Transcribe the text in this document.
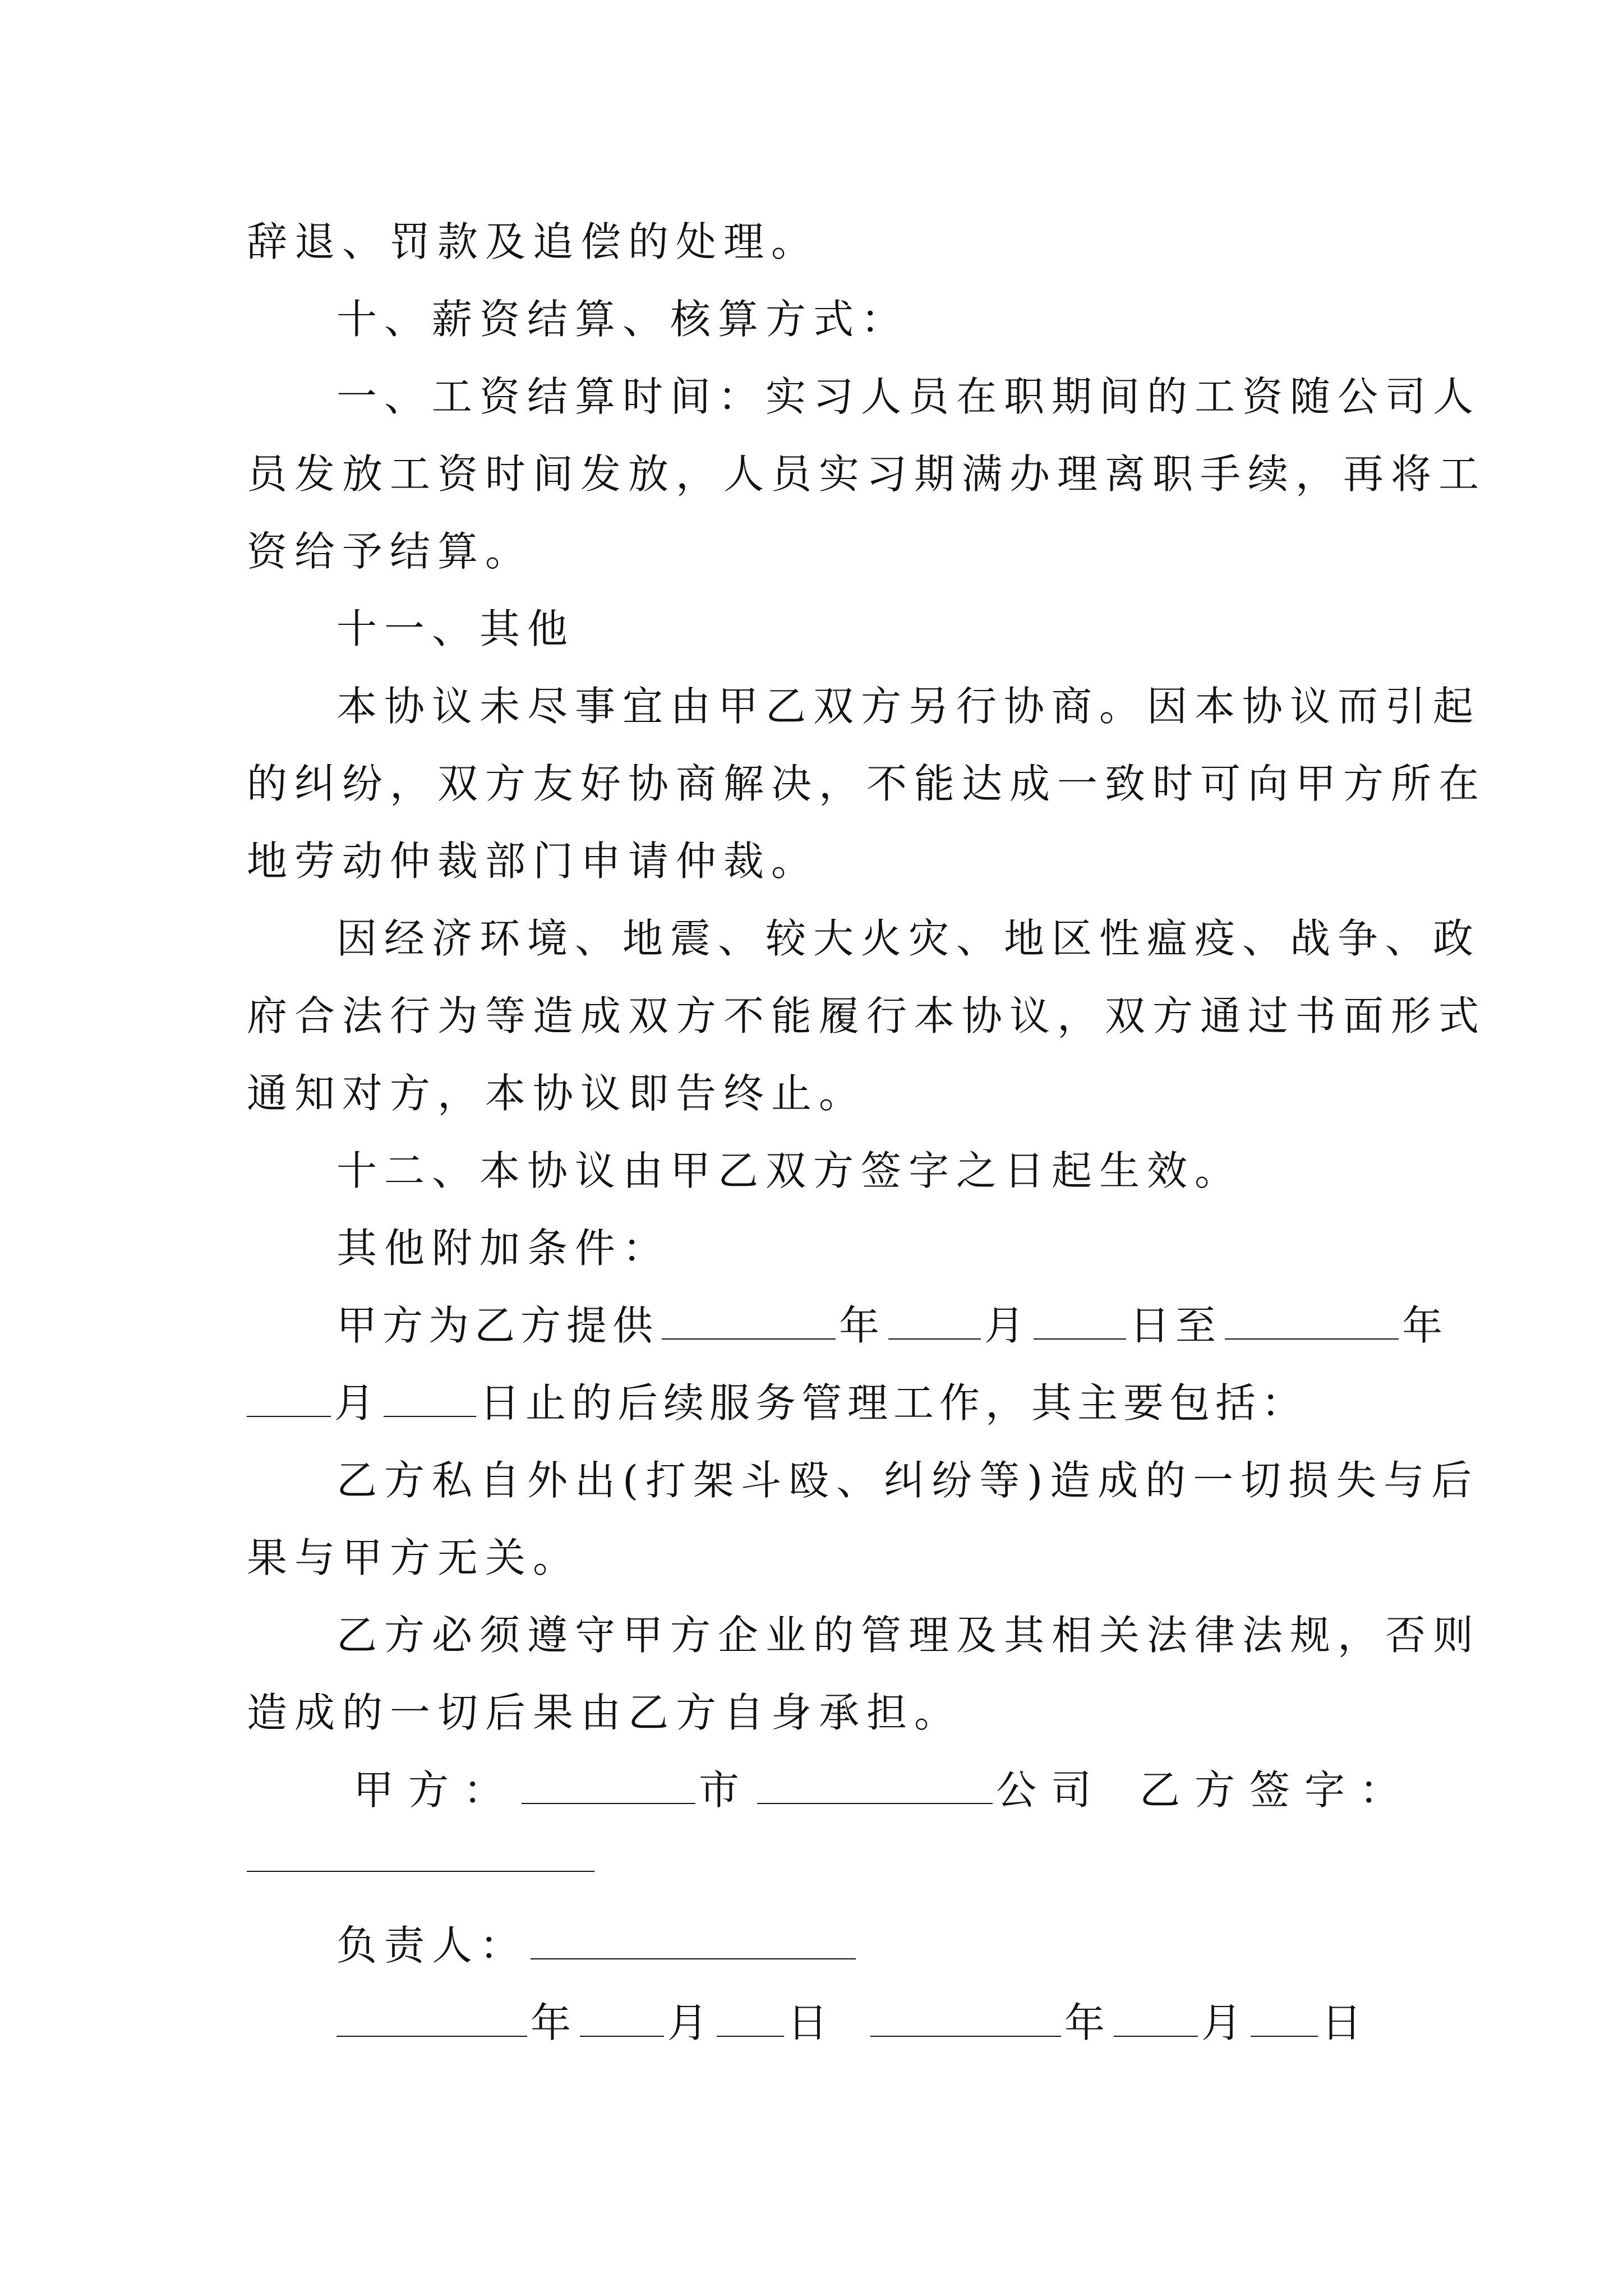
辞退、罚款及追偿的处理。
十、薪资结算、核算方式：
一、工资结算时间：实习人员在职期间的工资随公司人
员发放工资时间发放，人员实习期满办理离职手续，再将工
资给予结算。
十一、其他
本协议未尽事宜由甲乙双方另行协商。因本协议而引起
的纠纷，双方友好协商解决，不能达成一致时可向甲方所在
地劳动仲裁部门申请仲裁。
因经济环境、地震、较大火灾、地区性瘟疫、战争、政
府合法行为等造成双方不能履行本协议，双方通过书面形式
通知对方，本协议即告终止。
十二、本协议由甲乙双方签字之日起生效。
其他附加条件：
甲方为乙方提供	年 月 日至	年
月 日止的后续服务管理工作，其主要包括：
乙方私自外出(打架斗殴、纠纷等)造成的一切损失与后
果与甲方无关。
乙方必须遵守甲方企业的管理及其相关法律法规，否则
造成的一切后果由乙方自身承担。
甲方：	市	公司 乙方签字：
负责人：
年 月 日	年 月 日
